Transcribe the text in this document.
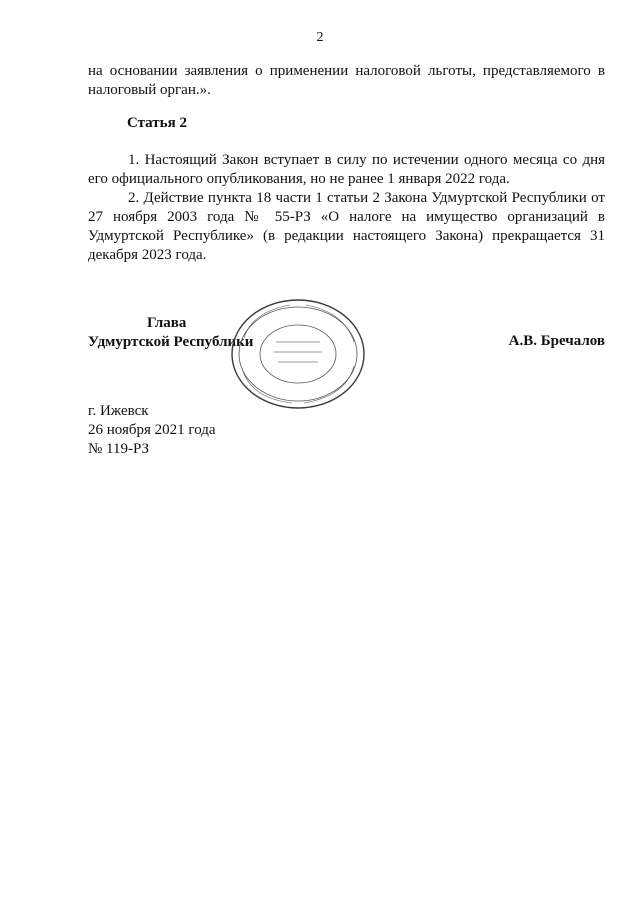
2
на основании заявления о применении налоговой льготы, представляемого в налоговый орган.».
Статья 2
1. Настоящий Закон вступает в силу по истечении одного месяца со дня его официального опубликования, но не ранее 1 января 2022 года.
2. Действие пункта 18 части 1 статьи 2 Закона Удмуртской Республики от 27 ноября 2003 года № 55-РЗ «О налоге на имущество организаций в Удмуртской Республике» (в редакции настоящего Закона) прекращается 31 декабря 2023 года.
Глава
Удмуртской Республики	А.В. Бречалов
г. Ижевск
26 ноября 2021 года
№ 119-РЗ
